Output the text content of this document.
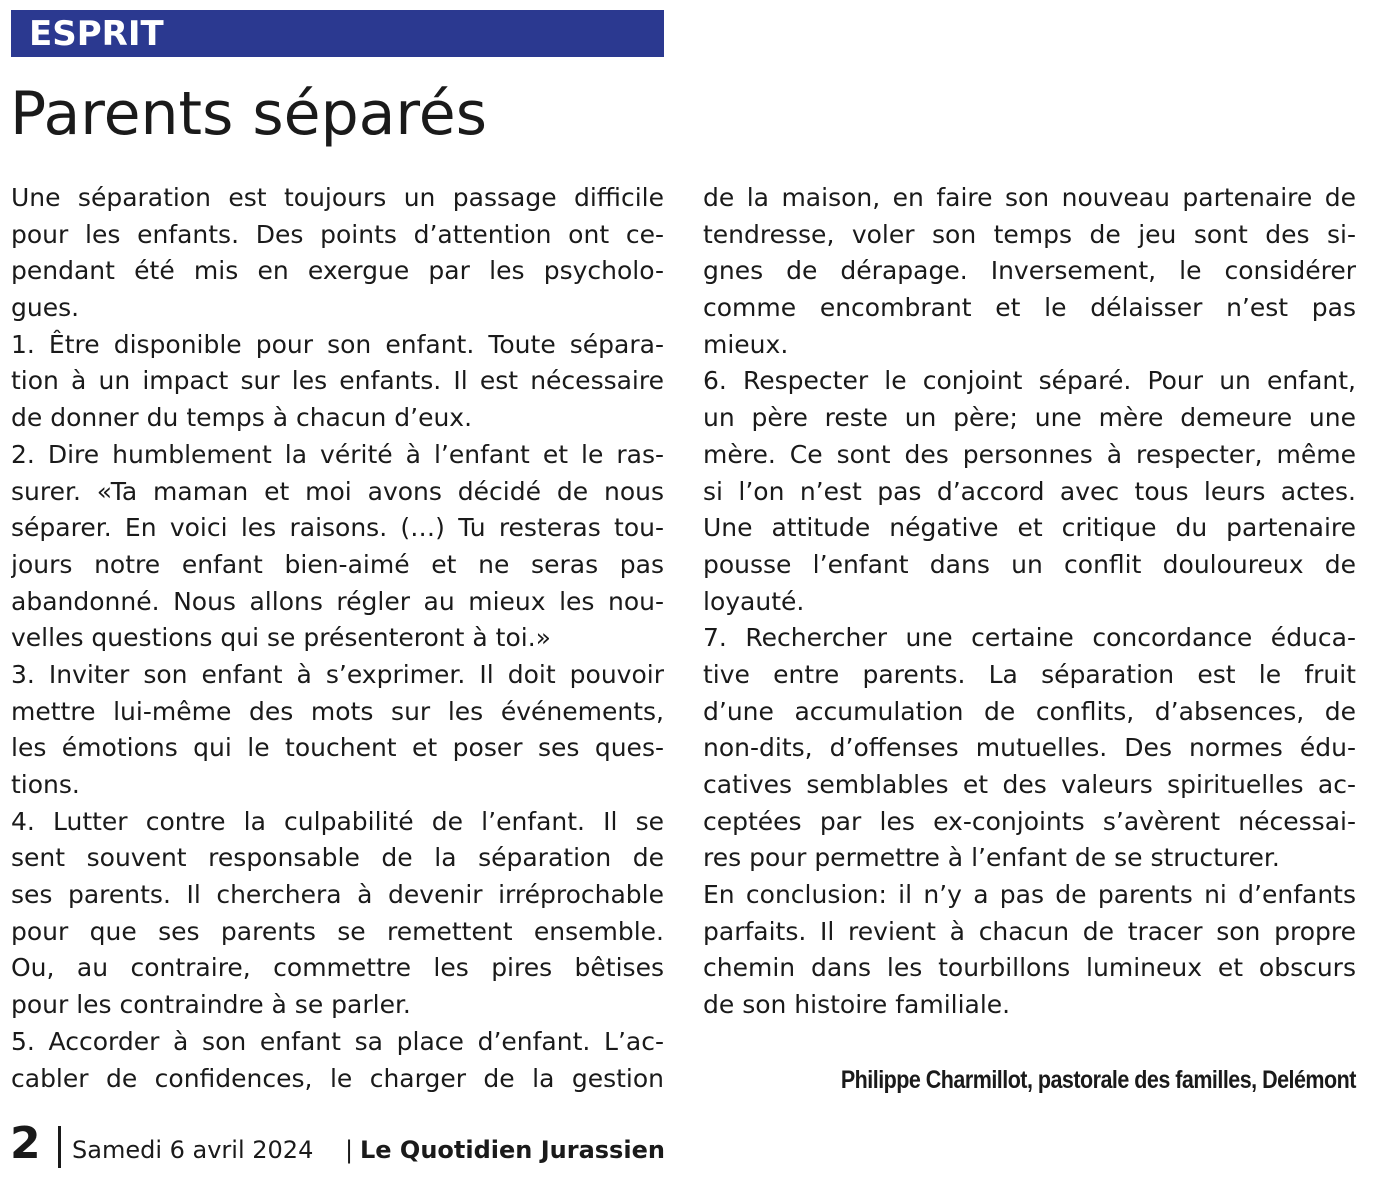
ESPRIT
Parents séparés
Une séparation est toujours un passage difficile
pour les enfants. Des points d’attention ont ce-
pendant été mis en exergue par les psycholo-
gues.
1. Être disponible pour son enfant. Toute sépara-
tion à un impact sur les enfants. Il est nécessaire
de donner du temps à chacun d’eux.
2. Dire humblement la vérité à l’enfant et le ras-
surer. «Ta maman et moi avons décidé de nous
séparer. En voici les raisons. (…) Tu resteras tou-
jours notre enfant bien-aimé et ne seras pas
abandonné. Nous allons régler au mieux les nou-
velles questions qui se présenteront à toi.»
3. Inviter son enfant à s’exprimer. Il doit pouvoir
mettre lui-même des mots sur les événements,
les émotions qui le touchent et poser ses ques-
tions.
4. Lutter contre la culpabilité de l’enfant. Il se
sent souvent responsable de la séparation de
ses parents. Il cherchera à devenir irréprochable
pour que ses parents se remettent ensemble.
Ou, au contraire, commettre les pires bêtises
pour les contraindre à se parler.
5. Accorder à son enfant sa place d’enfant. L’ac-
cabler de confidences, le charger de la gestion
de la maison, en faire son nouveau partenaire de
tendresse, voler son temps de jeu sont des si-
gnes de dérapage. Inversement, le considérer
comme encombrant et le délaisser n’est pas
mieux.
6. Respecter le conjoint séparé. Pour un enfant,
un père reste un père; une mère demeure une
mère. Ce sont des personnes à respecter, même
si l’on n’est pas d’accord avec tous leurs actes.
Une attitude négative et critique du partenaire
pousse l’enfant dans un conflit douloureux de
loyauté.
7. Rechercher une certaine concordance éduca-
tive entre parents. La séparation est le fruit
d’une accumulation de conflits, d’absences, de
non-dits, d’offenses mutuelles. Des normes édu-
catives semblables et des valeurs spirituelles ac-
ceptées par les ex-conjoints s’avèrent nécessai-
res pour permettre à l’enfant de se structurer.
En conclusion: il n’y a pas de parents ni d’enfants
parfaits. Il revient à chacun de tracer son propre
chemin dans les tourbillons lumineux et obscurs
de son histoire familiale.
Philippe Charmillot, pastorale des familles, Delémont
2 Samedi 6 avril 2024 | Le Quotidien Jurassien
